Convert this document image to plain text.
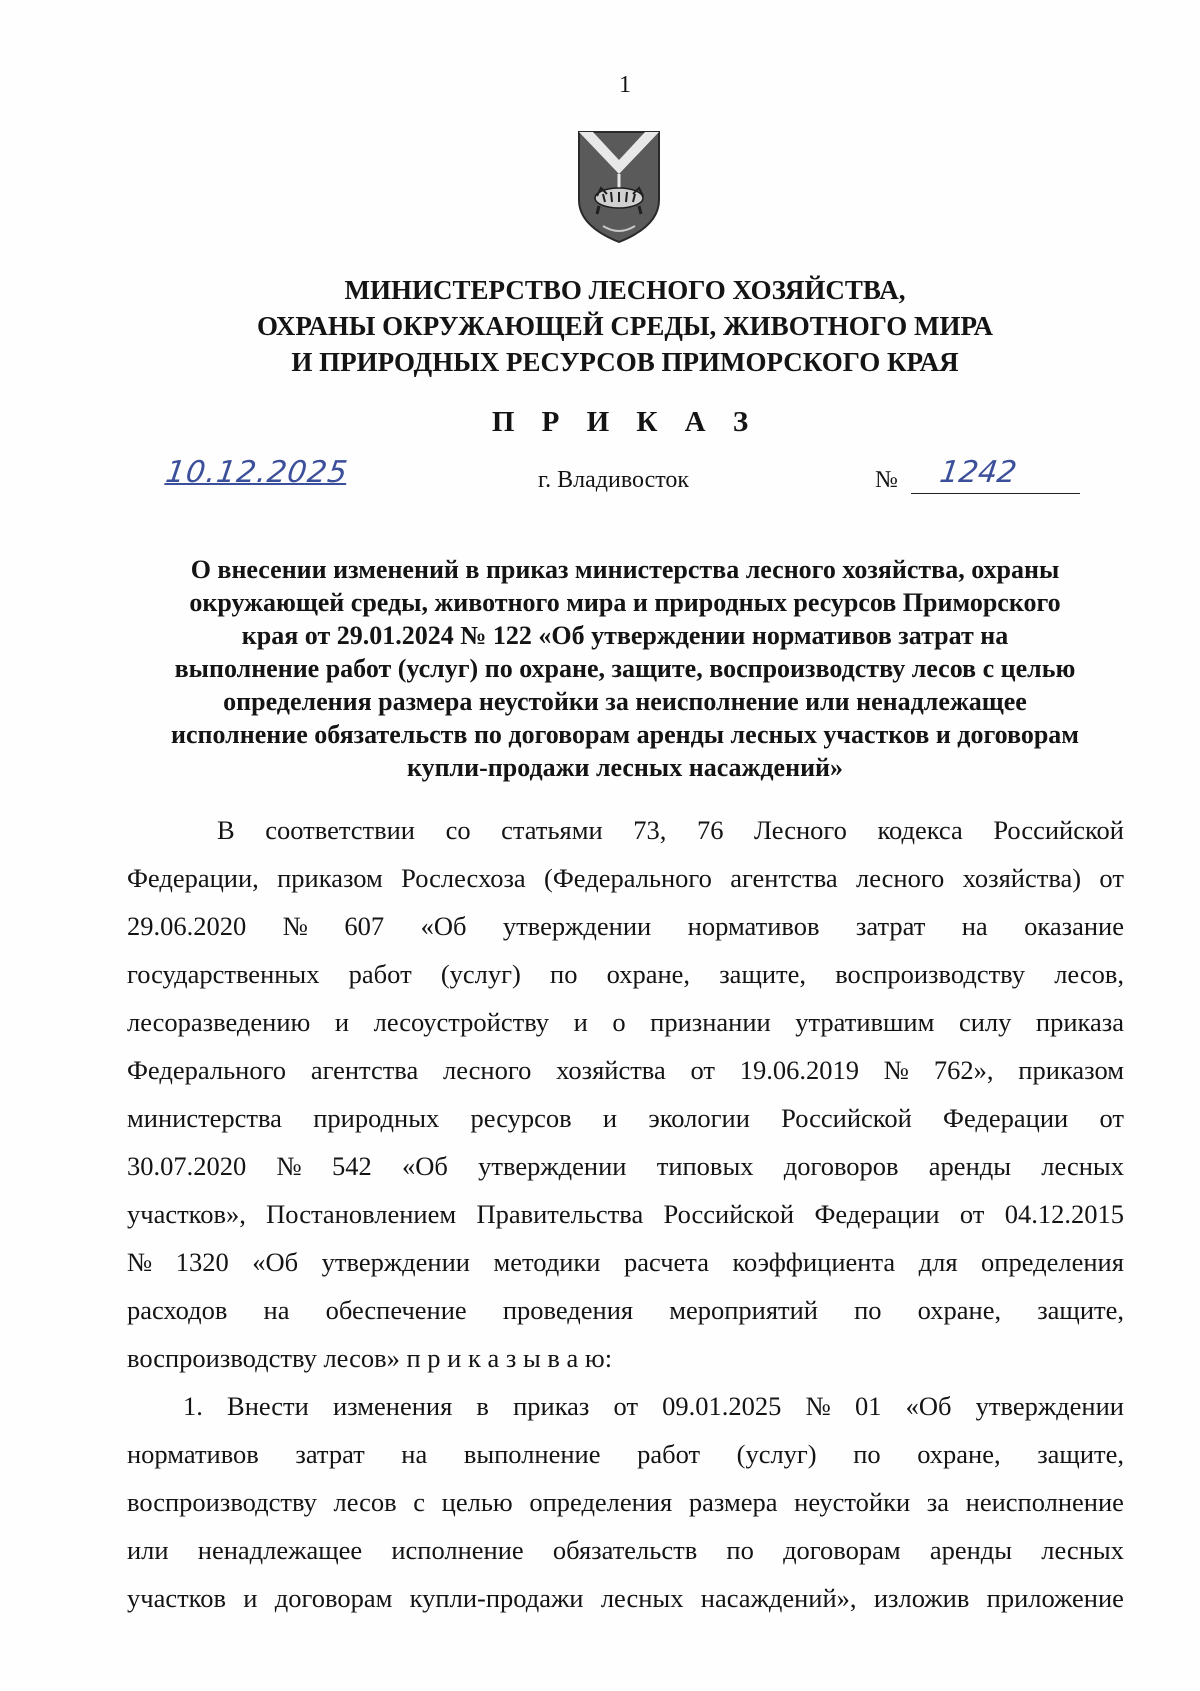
1
МИНИСТЕРСТВО ЛЕСНОГО ХОЗЯЙСТВА,
ОХРАНЫ ОКРУЖАЮЩЕЙ СРЕДЫ, ЖИВОТНОГО МИРА
И ПРИРОДНЫХ РЕСУРСОВ ПРИМОРСКОГО КРАЯ
П Р И К А З
10.12.2025	г. Владивосток	№ 1242
О внесении изменений в приказ министерства лесного хозяйства, охраны
окружающей среды, животного мира и природных ресурсов Приморского
края от 29.01.2024 № 122 «Об утверждении нормативов затрат на
выполнение работ (услуг) по охране, защите, воспроизводству лесов с целью
определения размера неустойки за неисполнение или ненадлежащее
исполнение обязательств по договорам аренды лесных участков и договорам
купли-продажи лесных насаждений»
В соответствии со статьями 73, 76 Лесного кодекса Российской
Федерации, приказом Рослесхоза (Федерального агентства лесного хозяйства) от
29.06.2020 № 607 «Об утверждении нормативов затрат на оказание
государственных работ (услуг) по охране, защите, воспроизводству лесов,
лесоразведению и лесоустройству и о признании утратившим силу приказа
Федерального агентства лесного хозяйства от 19.06.2019 № 762», приказом
министерства природных ресурсов и экологии Российской Федерации от
30.07.2020 № 542 «Об утверждении типовых договоров аренды лесных
участков», Постановлением Правительства Российской Федерации от 04.12.2015
№ 1320 «Об утверждении методики расчета коэффициента для определения
расходов на обеспечение проведения мероприятий по охране, защите,
воспроизводству лесов» п р и к а з ы в а ю:
1. Внести изменения в приказ от 09.01.2025 № 01 «Об утверждении
нормативов затрат на выполнение работ (услуг) по охране, защите,
воспроизводству лесов с целью определения размера неустойки за неисполнение
или ненадлежащее исполнение обязательств по договорам аренды лесных
участков и договорам купли-продажи лесных насаждений», изложив приложение
